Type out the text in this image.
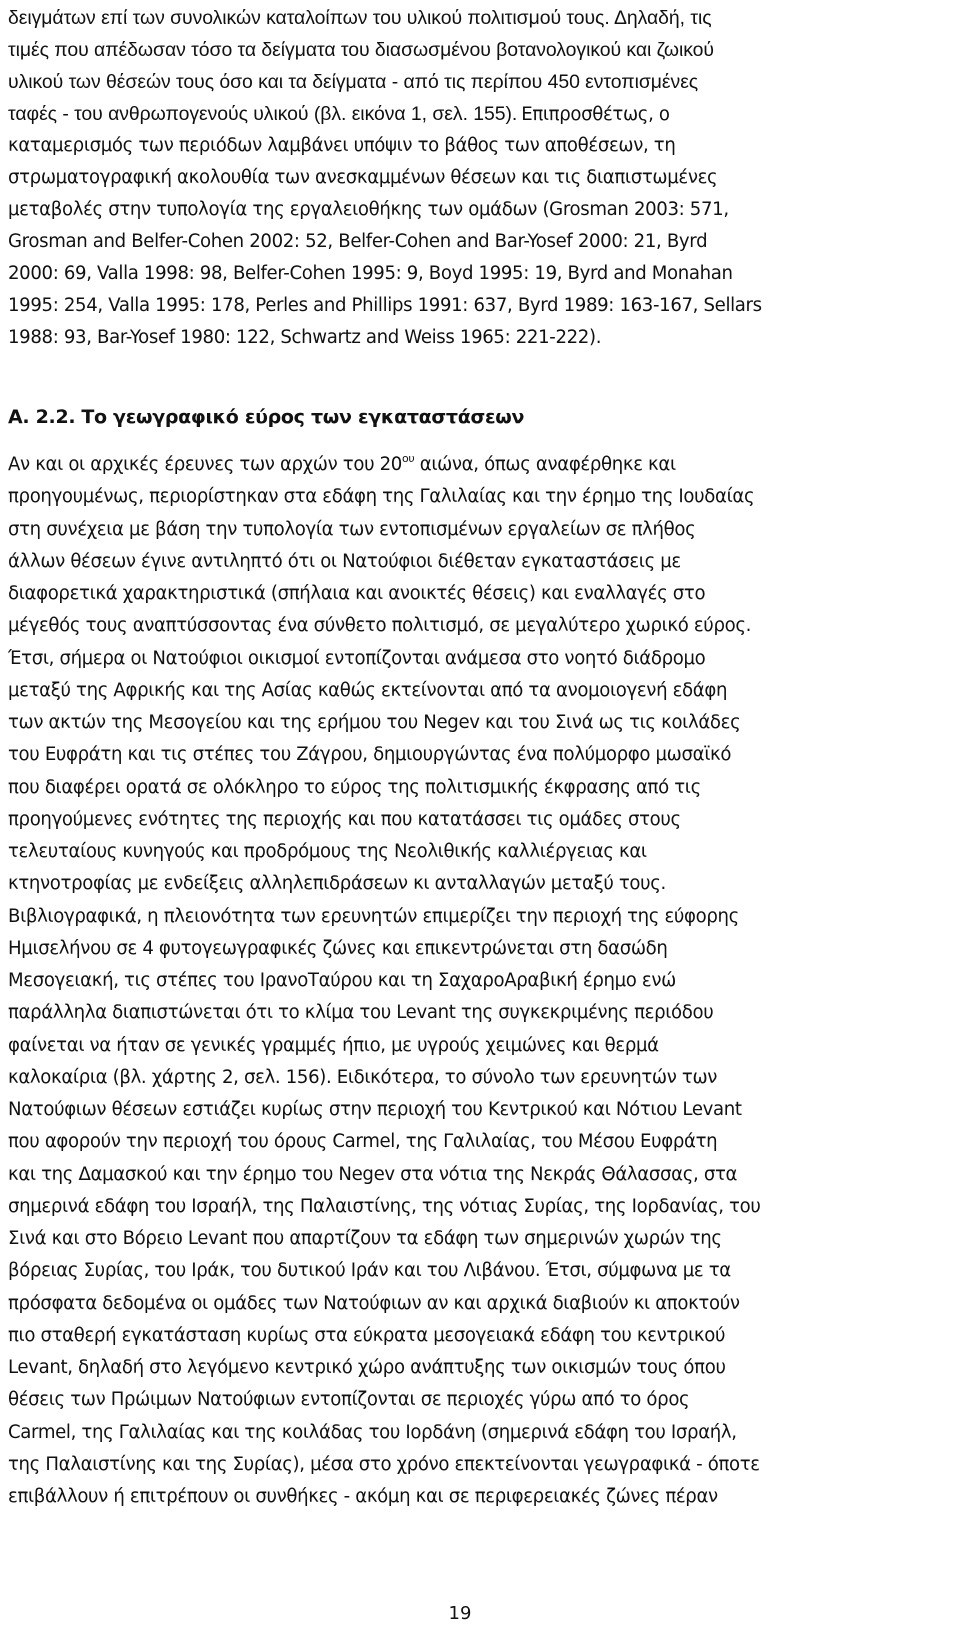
δειγμάτων επί των συνολικών καταλοίπων του υλικού πολιτισμού τους. Δηλαδή, τις
τιμές που απέδωσαν τόσο τα δείγματα του διασωσμένου βοτανολογικού και ζωικού
υλικού των θέσεών τους όσο και τα δείγματα - από τις περίπου 450 εντοπισμένες
ταφές - του ανθρωπογενούς υλικού (βλ. εικόνα 1, σελ. 155). Επιπροσθέτως, ο
καταμερισμός των περιόδων λαμβάνει υπόψιν το βάθος των αποθέσεων, τη
στρωματογραφική ακολουθία των ανεσκαμμένων θέσεων και τις διαπιστωμένες
μεταβολές στην τυπολογία της εργαλειοθήκης των ομάδων (Grosman 2003: 571,
Grosman and Belfer-Cohen 2002: 52, Belfer-Cohen and Bar-Yosef 2000: 21, Byrd
2000: 69, Valla 1998: 98, Belfer-Cohen 1995: 9, Boyd 1995: 19, Byrd and Monahan
1995: 254, Valla 1995: 178, Perles and Phillips 1991: 637, Byrd 1989: 163-167, Sellars
1988: 93, Bar-Yosef 1980: 122, Schwartz and Weiss 1965: 221-222).
Α. 2.2. Το γεωγραφικό εύρος των εγκαταστάσεων
Αν και οι αρχικές έρευνες των αρχών του $20^{o\upsilon}$ αιώνα, όπως αναφέρθηκε και
προηγουμένως, περιορίστηκαν στα εδάφη της Γαλιλαίας και την έρημο της Ιουδαίας
στη συνέχεια με βάση την τυπολογία των εντοπισμένων εργαλείων σε πλήθος
άλλων θέσεων έγινε αντιληπτό ότι οι Νατούφιοι διέθεταν εγκαταστάσεις με
διαφορετικά χαρακτηριστικά (σπήλαια και ανοικτές θέσεις) και εναλλαγές στο
μέγεθός τους αναπτύσσοντας ένα σύνθετο πολιτισμό, σε μεγαλύτερο χωρικό εύρος.
Έτσι, σήμερα οι Νατούφιοι οικισμοί εντοπίζονται ανάμεσα στο νοητό διάδρομο
μεταξύ της Αφρικής και της Ασίας καθώς εκτείνονται από τα ανομοιογενή εδάφη
των ακτών της Μεσογείου και της ερήμου του Negev και του Σινά ως τις κοιλάδες
του Ευφράτη και τις στέπες του Ζάγρου, δημιουργώντας ένα πολύμορφο μωσαϊκό
που διαφέρει ορατά σε ολόκληρο το εύρος της πολιτισμικής έκφρασης από τις
προηγούμενες ενότητες της περιοχής και που κατατάσσει τις ομάδες στους
τελευταίους κυνηγούς και προδρόμους της Νεολιθικής καλλιέργειας και
κτηνοτροφίας με ενδείξεις αλληλεπιδράσεων κι ανταλλαγών μεταξύ τους.
Βιβλιογραφικά, η πλειονότητα των ερευνητών επιμερίζει την περιοχή της εύφορης
Ημισελήνου σε 4 φυτογεωγραφικές ζώνες και επικεντρώνεται στη δασώδη
Μεσογειακή, τις στέπες του ΙρανοΤαύρου και τη ΣαχαροΑραβική έρημο ενώ
παράλληλα διαπιστώνεται ότι το κλίμα του Levant της συγκεκριμένης περιόδου
φαίνεται να ήταν σε γενικές γραμμές ήπιο, με υγρούς χειμώνες και θερμά
καλοκαίρια (βλ. χάρτης 2, σελ. 156). Ειδικότερα, το σύνολο των ερευνητών των
Νατούφιων θέσεων εστιάζει κυρίως στην περιοχή του Κεντρικού και Νότιου Levant
που αφορούν την περιοχή του όρους Carmel, της Γαλιλαίας, του Μέσου Ευφράτη
και της Δαμασκού και την έρημο του Negev στα νότια της Νεκράς Θάλασσας, στα
σημερινά εδάφη του Ισραήλ, της Παλαιστίνης, της νότιας Συρίας, της Ιορδανίας, του
Σινά και στο Βόρειο Levant που απαρτίζουν τα εδάφη των σημερινών χωρών της
βόρειας Συρίας, του Ιράκ, του δυτικού Ιράν και του Λιβάνου. Έτσι, σύμφωνα με τα
πρόσφατα δεδομένα οι ομάδες των Νατούφιων αν και αρχικά διαβιούν κι αποκτούν
πιο σταθερή εγκατάσταση κυρίως στα εύκρατα μεσογειακά εδάφη του κεντρικού
Levant, δηλαδή στο λεγόμενο κεντρικό χώρο ανάπτυξης των οικισμών τους όπου
θέσεις των Πρώιμων Νατούφιων εντοπίζονται σε περιοχές γύρω από το όρος
Carmel, της Γαλιλαίας και της κοιλάδας του Ιορδάνη (σημερινά εδάφη του Ισραήλ,
της Παλαιστίνης και της Συρίας), μέσα στο χρόνο επεκτείνονται γεωγραφικά - όποτε
επιβάλλουν ή επιτρέπουν οι συνθήκες - ακόμη και σε περιφερειακές ζώνες πέραν
19
